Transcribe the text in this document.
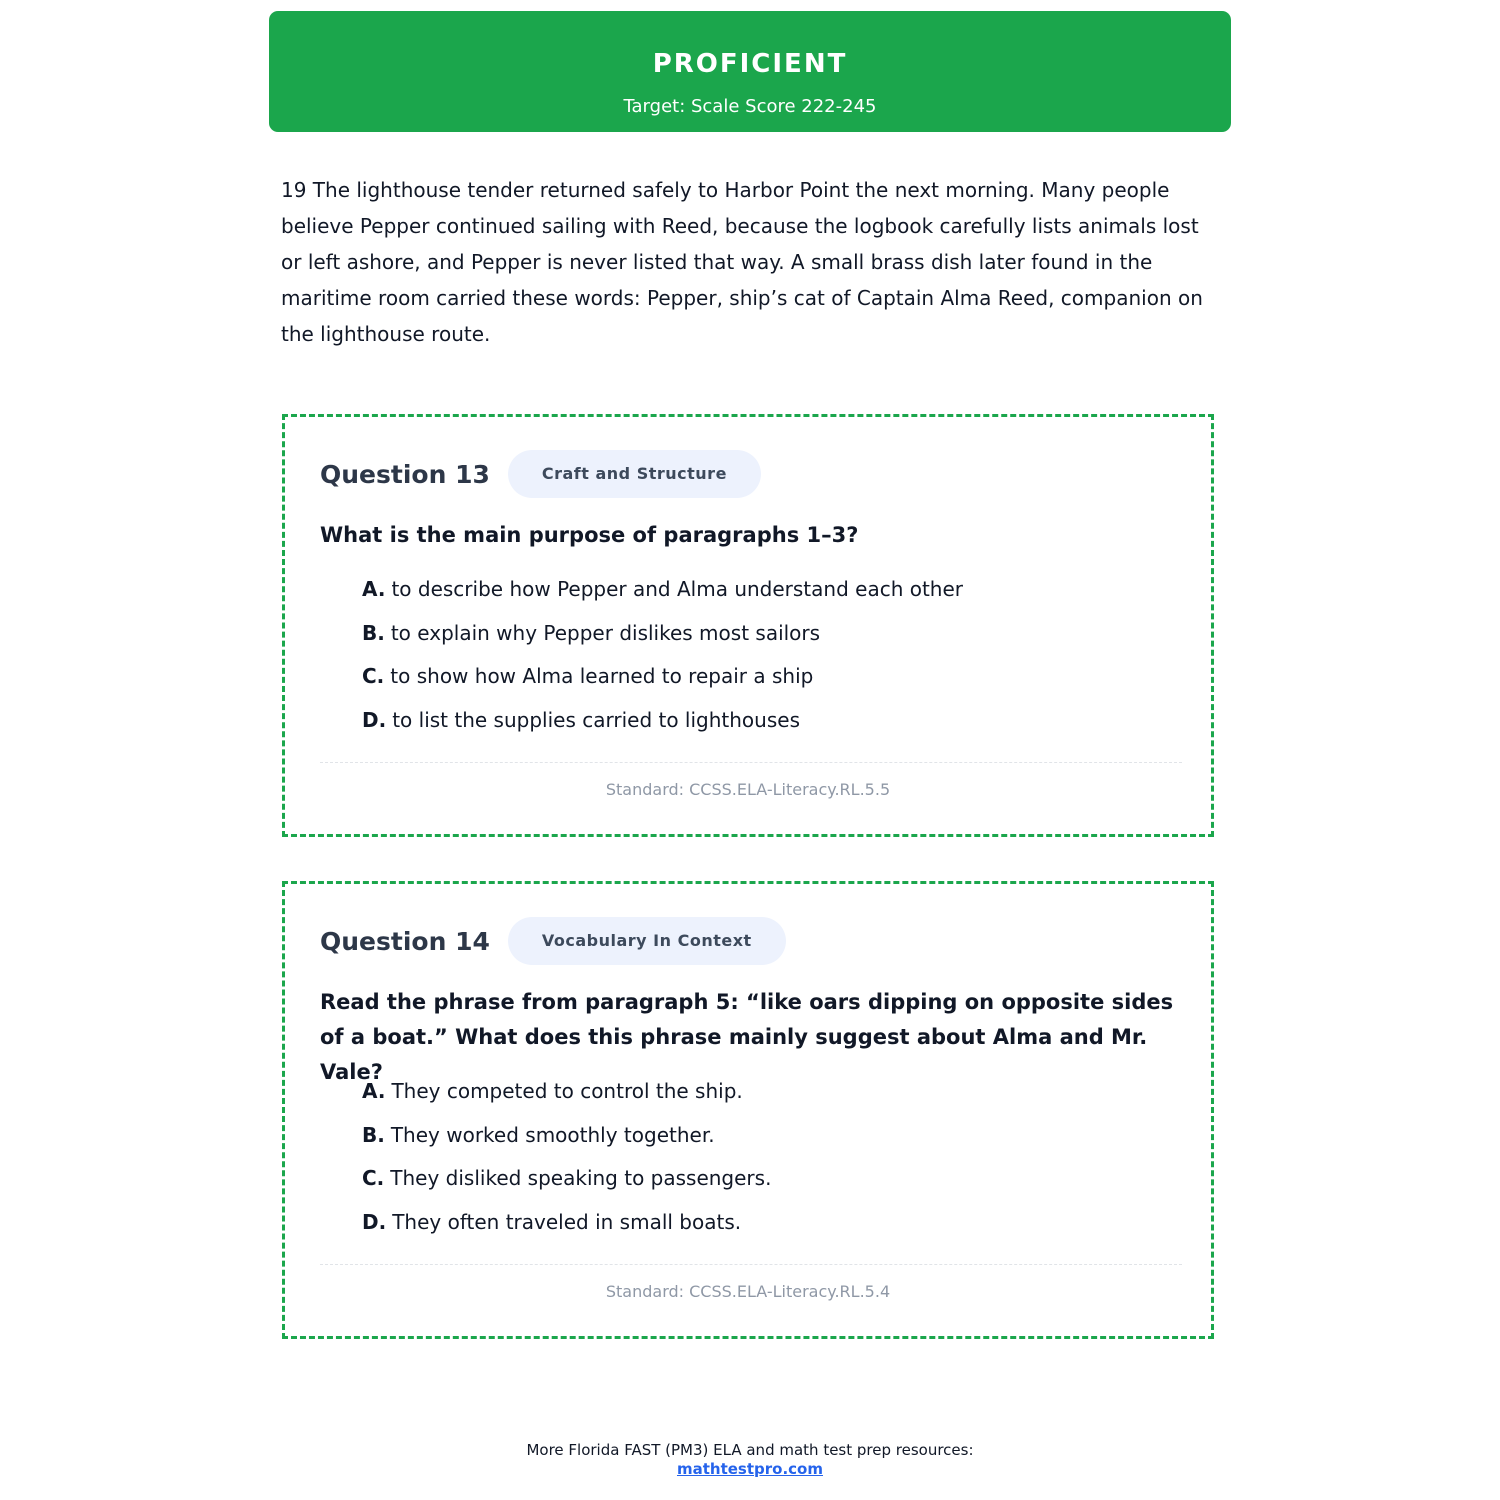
PROFICIENT
Target: Scale Score 222-245

19 The lighthouse tender returned safely to Harbor Point the next morning. Many people believe Pepper continued sailing with Reed, because the logbook carefully lists animals lost or left ashore, and Pepper is never listed that way. A small brass dish later found in the maritime room carried these words: Pepper, ship’s cat of Captain Alma Reed, companion on the lighthouse route.

Question 13	Craft and Structure

What is the main purpose of paragraphs 1–3?

A. to describe how Pepper and Alma understand each other
B. to explain why Pepper dislikes most sailors
C. to show how Alma learned to repair a ship
D. to list the supplies carried to lighthouses
Standard: CCSS.ELA-Literacy.RL.5.5
Question 14	Vocabulary In Context

Read the phrase from paragraph 5: “like oars dipping on opposite sides of a boat.” What does this phrase mainly suggest about Alma and Mr. Vale?

A. They competed to control the ship.
B. They worked smoothly together.
C. They disliked speaking to passengers.
D. They often traveled in small boats.
Standard: CCSS.ELA-Literacy.RL.5.4
More Florida FAST (PM3) ELA and math test prep resources:
mathtestpro.com
